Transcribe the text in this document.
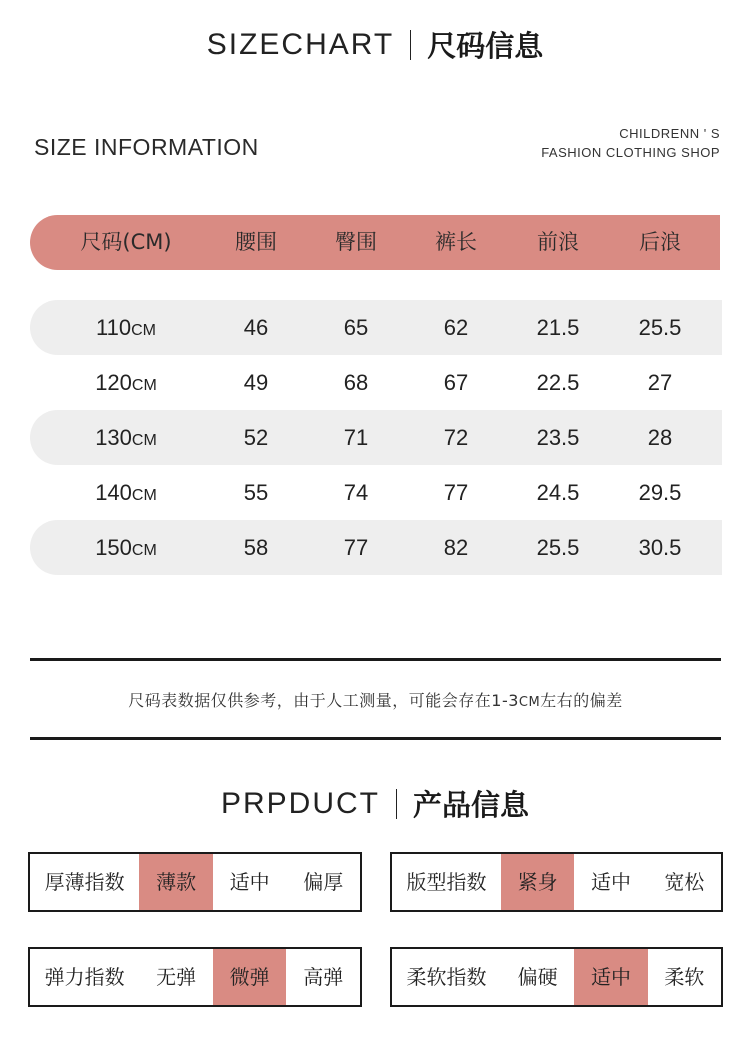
SIZECHART 尺码信息
SIZE INFORMATION
CHILDRENN ' S
FASHION CLOTHING SHOP
尺码(CM)	腰围	臀围	裤长	前浪	后浪
110CM	46	65	62	21.5	25.5
120CM	49	68	67	22.5	27
130CM	52	71	72	23.5	28
140CM	55	74	77	24.5	29.5
150CM	58	77	82	25.5	30.5
尺码表数据仅供参考，由于人工测量，可能会存在1-3CM左右的偏差
PRPDUCT 产品信息
厚薄指数	薄款	适中	偏厚	版型指数	紧身	适中	宽松
弹力指数	无弹	微弹	高弹	柔软指数	偏硬	适中	柔软
